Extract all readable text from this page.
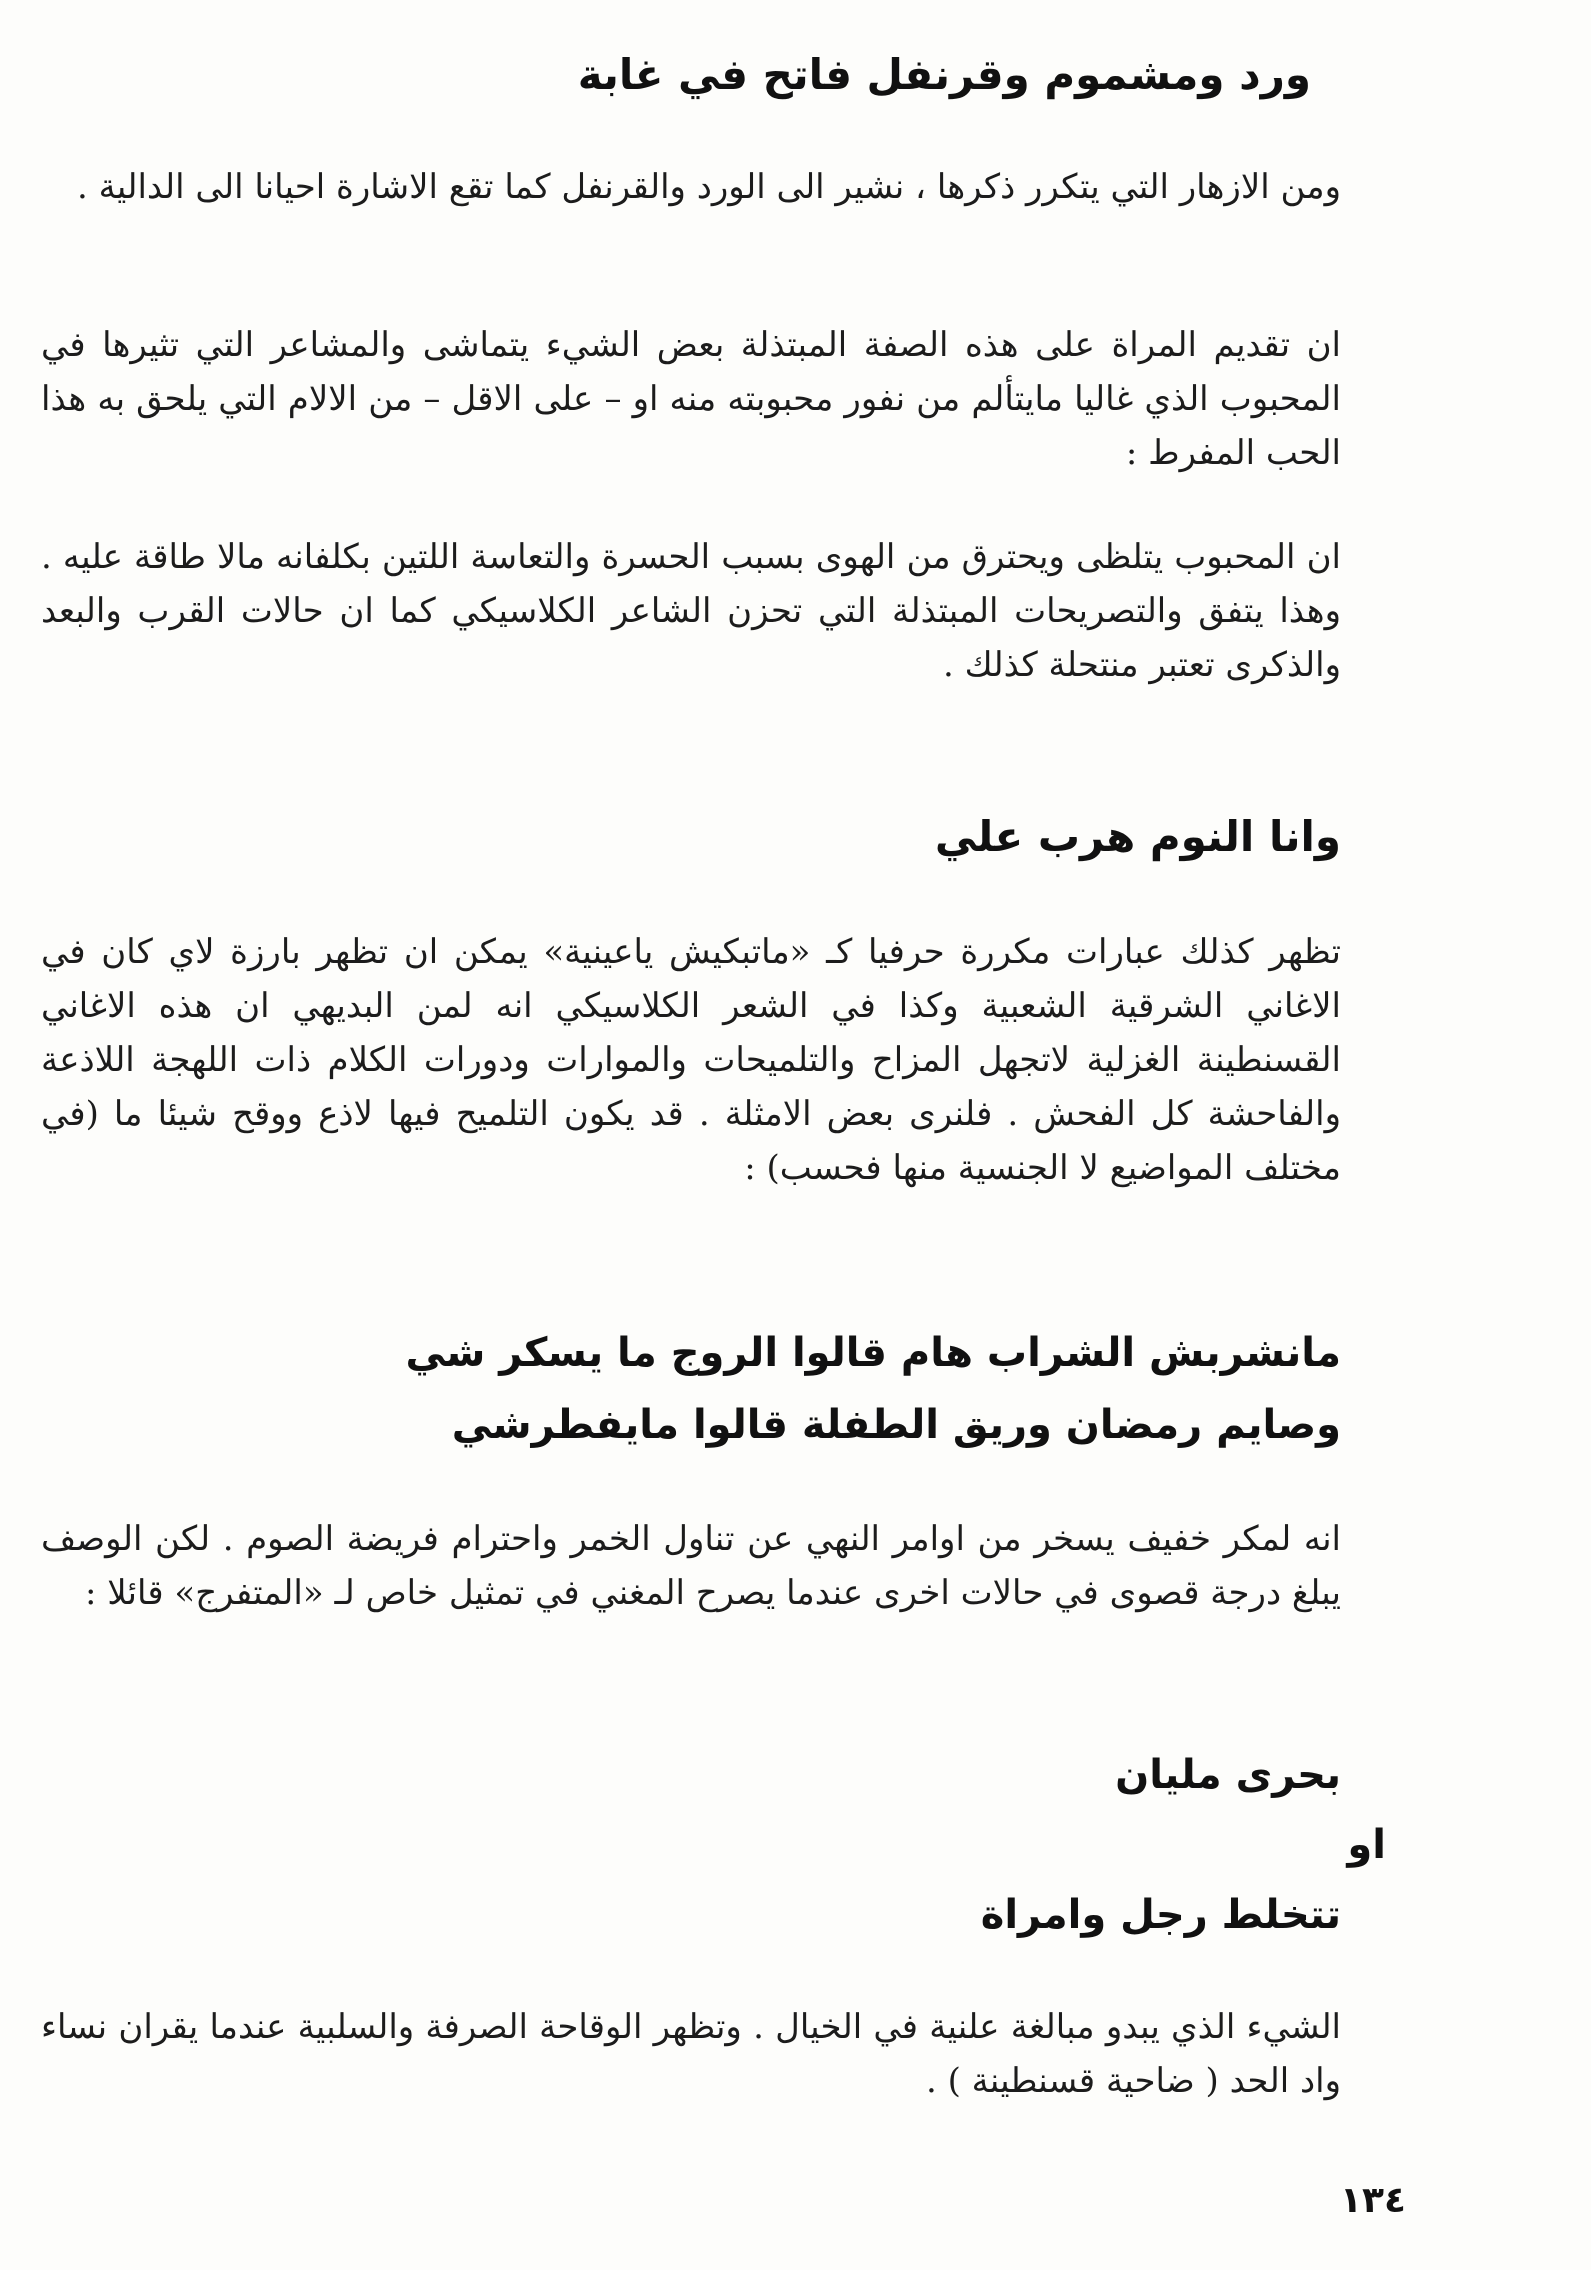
ورد ومشموم وقرنفل فاتح في غابة
ومن الازهار التي يتكرر ذكرها ، نشير الى الورد والقرنفل كما تقع الاشارة احيانا الى الدالية .
ان تقديم المراة على هذه الصفة المبتذلة بعض الشيء يتماشى والمشاعر التي تثيرها في المحبوب الذي غاليا مايتألم من نفور محبوبته منه او – على الاقل – من الالام التي يلحق به هذا الحب المفرط :
ان المحبوب يتلظى ويحترق من الهوى بسبب الحسرة والتعاسة اللتين بكلفانه مالا طاقة عليه . وهذا يتفق والتصريحات المبتذلة التي تحزن الشاعر الكلاسيكي كما ان حالات القرب والبعد والذكرى تعتبر منتحلة كذلك .
وانا النوم هرب علي
تظهر كذلك عبارات مكررة حرفيا كـ «ماتبكيش ياعينية» يمكن ان تظهر بارزة لاي كان في الاغاني الشرقية الشعبية وكذا في الشعر الكلاسيكي انه لمن البديهي ان هذه الاغاني القسنطينة الغزلية لاتجهل المزاح والتلميحات والموارات ودورات الكلام ذات اللهجة اللاذعة والفاحشة كل الفحش . فلنرى بعض الامثلة . قد يكون التلميح فيها لاذع ووقح شيئا ما (في مختلف المواضيع لا الجنسية منها فحسب) :
مانشربش الشراب هام قالوا الروج ما يسكر شي
وصايم رمضان وريق الطفلة قالوا مايفطرشي
انه لمكر خفيف يسخر من اوامر النهي عن تناول الخمر واحترام فريضة الصوم . لكن الوصف يبلغ درجة قصوى في حالات اخرى عندما يصرح المغني في تمثيل خاص لـ «المتفرج» قائلا :
بحرى مليان
او
تتخلط رجل وامراة
الشيء الذي يبدو مبالغة علنية في الخيال . وتظهر الوقاحة الصرفة والسلبية عندما يقران نساء واد الحد ( ضاحية قسنطينة ) .
١٣٤
